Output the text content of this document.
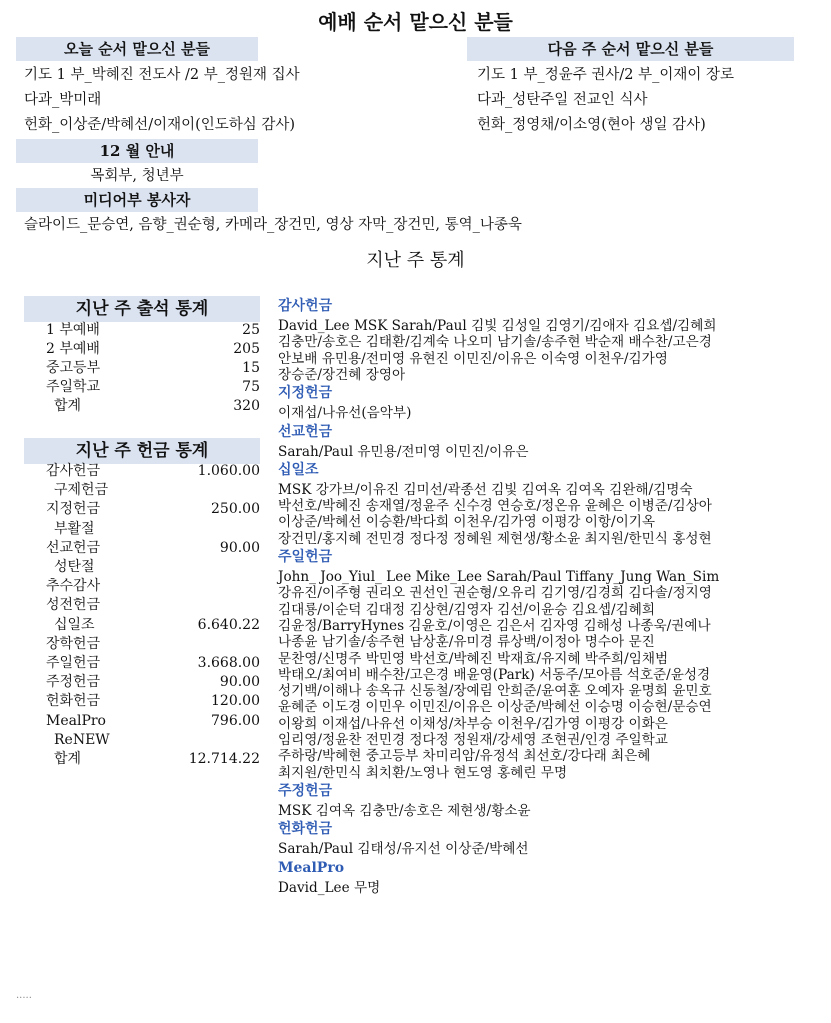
예배 순서 맡으신 분들
오늘 순서 맡으신 분들
기도 1 부_박혜진 전도사 /2 부_정원재 집사
다과_박미래
헌화_이상준/박혜선/이재이(인도하심 감사)
12 월 안내
목회부, 청년부
미디어부 봉사자
슬라이드_문승연, 음향_권순형, 카메라_장건민, 영상 자막_장건민, 통역_나종욱
다음 주 순서 맡으신 분들
기도 1 부_정윤주 권사/2 부_이재이 장로
다과_성탄주일 전교인 식사
헌화_정영채/이소영(현아 생일 감사)
지난 주 통계
지난 주 출석 통계
1 부예배	25
2 부예배	205
중고등부	15
주일학교	75
합계	320
지난 주 헌금 통계
감사헌금	1.060.00
구제헌금
지정헌금	250.00
부활절
선교헌금	90.00
성탄절
추수감사
성전헌금
십일조	6.640.22
장학헌금
주일헌금	3.668.00
주정헌금	90.00
헌화헌금	120.00
MealPro	796.00
ReNEW
합계	12.714.22
감사헌금
David_Lee MSK Sarah/Paul 김빛 김성일 김영기/김애자 김요셉/김혜희
김충만/송호은 김태환/김계숙 나오미 남기솔/송주현 박순재 배수찬/고은경
안보배 유민용/전미영 유현진 이민진/이유은 이숙영 이천우/김가영
장승준/장건혜 장영아
지정헌금
이재섭/나유선(음악부)
선교헌금
Sarah/Paul 유민용/전미영 이민진/이유은
십일조
MSK 강가브/이유진 김미선/곽종선 김빛 김여옥 김여옥 김완해/김명숙
박선호/박혜진 송재열/정윤주 신수경 연승호/정온유 윤혜은 이병준/김상아
이상준/박혜선 이승환/박다희 이천우/김가영 이평강 이항/이기옥
장건민/홍지혜 전민경 정다정 정혜원 제현생/황소윤 최지원/한민식 홍성현
주일헌금
John_ Joo_Yiul_ Lee Mike_Lee Sarah/Paul Tiffany_Jung Wan_Sim
강유진/이주형 권리오 권선인 권순형/오유리 김기영/김경희 김다솔/정지영
김대룡/이순덕 김대정 김상현/김영자 김선/이윤승 김요셉/김혜희
김윤정/BarryHynes 김윤호/이영은 김은서 김자영 김해성 나종욱/권예나
나종윤 남기솔/송주현 남상훈/유미경 류상백/이정아 명수아 문진
문찬영/신명주 박민영 박선호/박혜진 박재효/유지혜 박주희/임채범
박태오/최여비 배수찬/고은경 배윤영(Park) 서동주/모아름 석호준/윤성경
성기백/이해나 송옥규 신동철/장예림 안희준/윤여훈 오예자 윤명희 윤민호
윤혜준 이도경 이민우 이민진/이유은 이상준/박혜선 이승명 이승현/문승연
이왕희 이재섭/나유선 이채성/차부승 이천우/김가영 이평강 이화은
임리영/정윤찬 전민경 정다정 정원재/강세영 조현권/인경 주일학교
주하랑/박혜현 중고등부 차미리암/유정석 최선호/강다래 최은혜
최지원/한민식 최치환/노영나 현도영 홍혜린 무명
주정헌금
MSK 김여옥 김충만/송호은 제현생/황소윤
헌화헌금
Sarah/Paul 김태성/유지선 이상준/박혜선
MealPro
David_Lee 무명
.....
